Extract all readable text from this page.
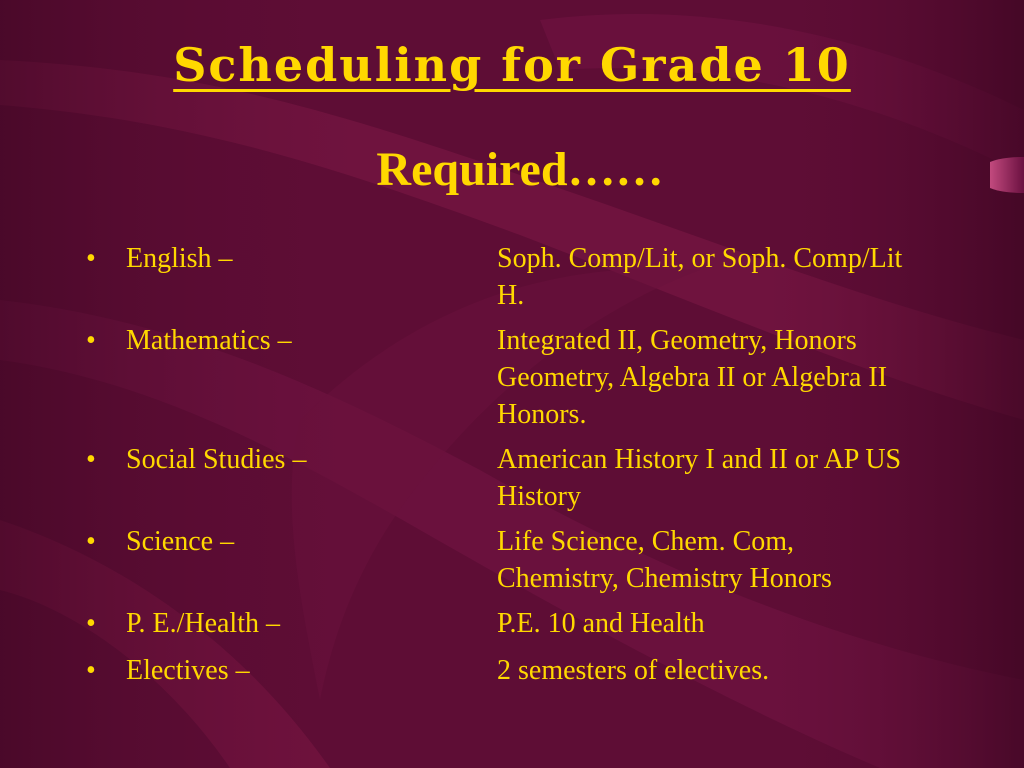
Scheduling for Grade 10
Required……
• English –	Soph. Comp/Lit, or Soph. Comp/Lit H.
• Mathematics –	Integrated II, Geometry, Honors Geometry, Algebra II or Algebra II Honors.
• Social Studies –	American History I and II or AP US History
• Science –	Life Science, Chem. Com, Chemistry, Chemistry Honors
• P. E./Health –	P.E. 10 and Health
• Electives –	2 semesters of electives.
